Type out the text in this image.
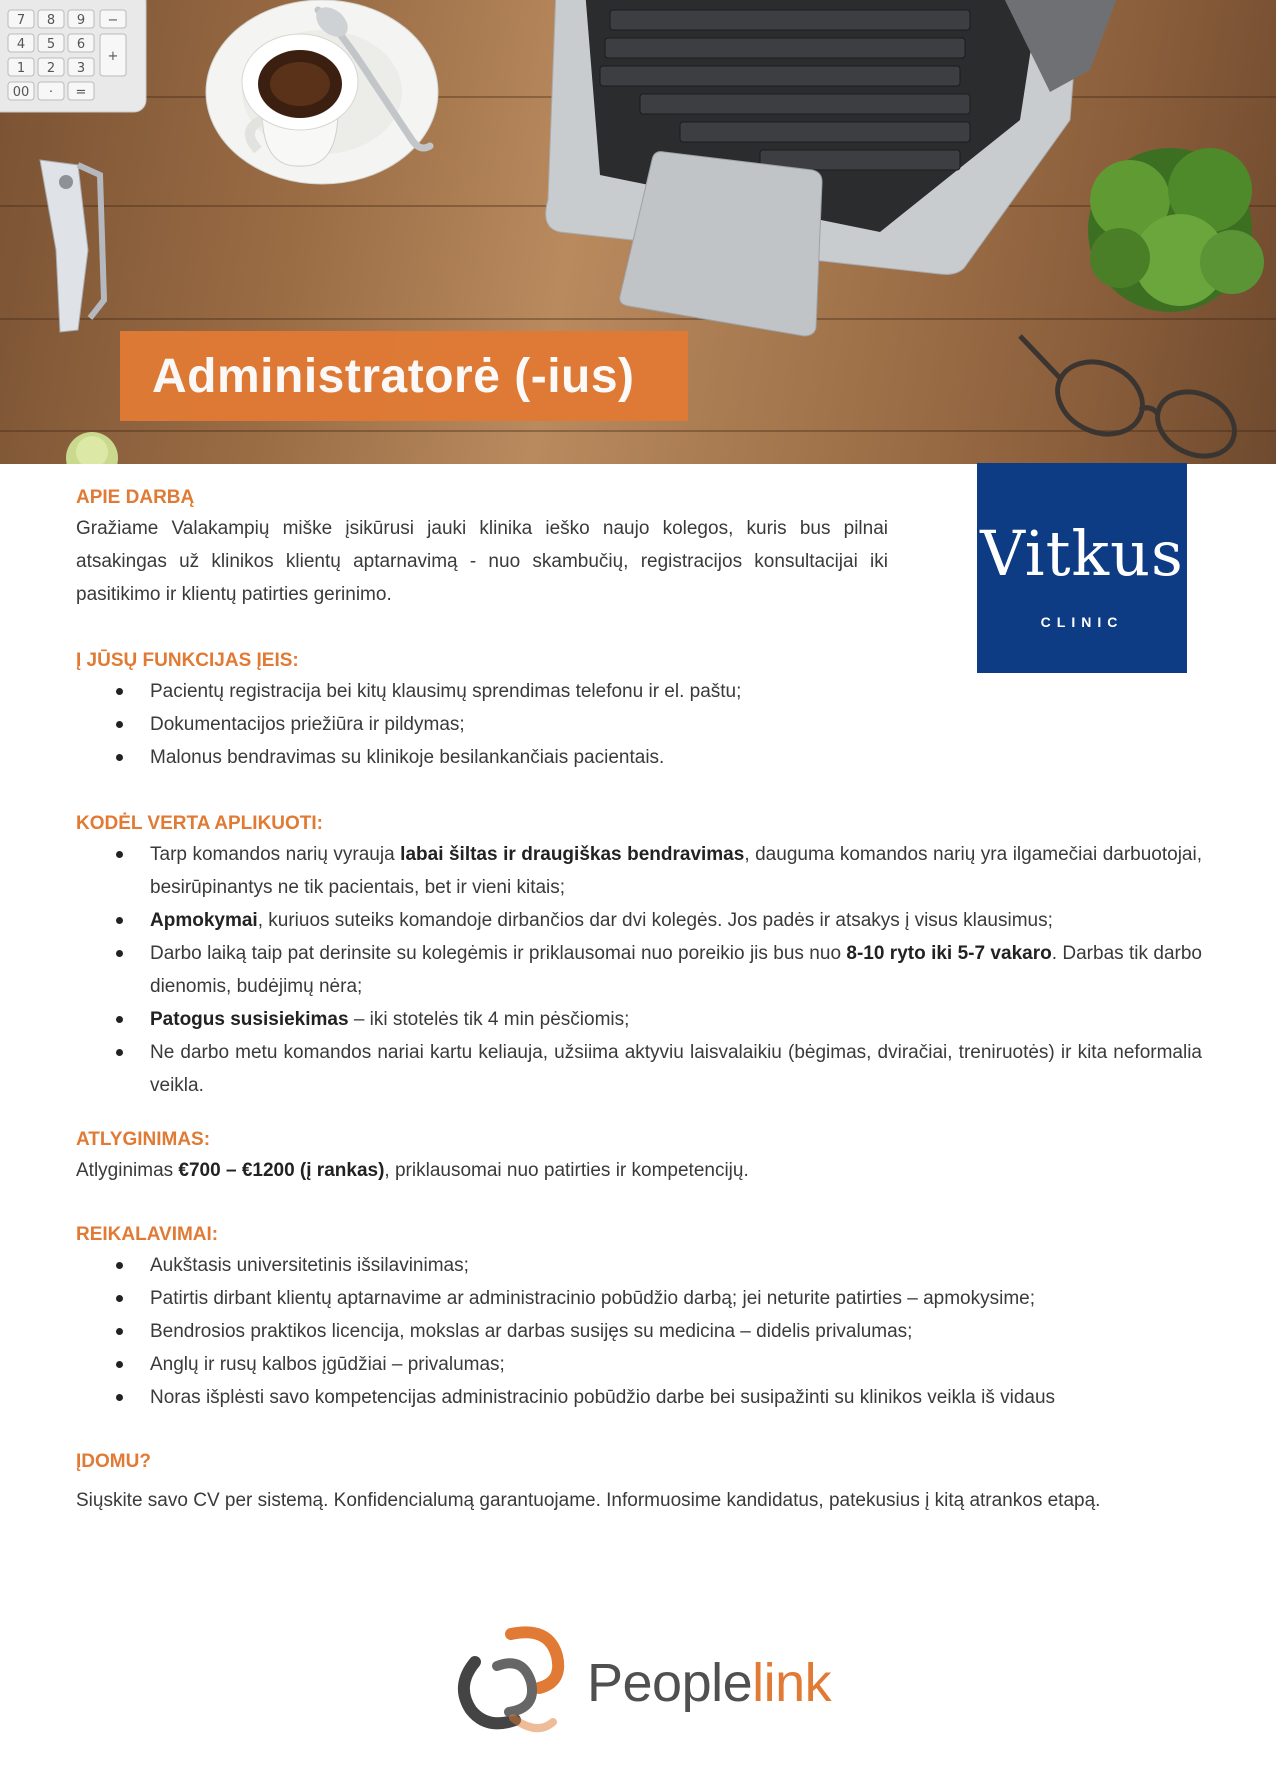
7 8 9
4 5 6
1 2 3
00 · =
+
−
Administratorė (-ius)
Vitkus
CLINIC
APIE DARBĄ

Gražiame Valakampių miške įsikūrusi jauki klinika ieško naujo kolegos, kuris bus pilnai atsakingas už klinikos klientų aptarnavimą - nuo skambučių, registracijos konsultacijai iki pasitikimo ir klientų patirties gerinimo.

Į JŪSŲ FUNKCIJAS ĮEIS:
Pacientų registracija bei kitų klausimų sprendimas telefonu ir el. paštu;
Dokumentacijos priežiūra ir pildymas;
Malonus bendravimas su klinikoje besilankančiais pacientais.
KODĖL VERTA APLIKUOTI:
Tarp komandos narių vyrauja labai šiltas ir draugiškas bendravimas, dauguma komandos narių yra ilgamečiai darbuotojai, besirūpinantys ne tik pacientais, bet ir vieni kitais;
Apmokymai, kuriuos suteiks komandoje dirbančios dar dvi kolegės. Jos padės ir atsakys į visus klausimus;
Darbo laiką taip pat derinsite su kolegėmis ir priklausomai nuo poreikio jis bus nuo 8-10 ryto iki 5-7 vakaro. Darbas tik darbo dienomis, budėjimų nėra;
Patogus susisiekimas – iki stotelės tik 4 min pėsčiomis;
Ne darbo metu komandos nariai kartu keliauja, užsiima aktyviu laisvalaikiu (bėgimas, dviračiai, treniruotės) ir kita neformalia veikla.
ATLYGINIMAS:

Atlyginimas €700 – €1200 (į rankas), priklausomai nuo patirties ir kompetencijų.

REIKALAVIMAI:
Aukštasis universitetinis išsilavinimas;
Patirtis dirbant klientų aptarnavime ar administracinio pobūdžio darbą; jei neturite patirties – apmokysime;
Bendrosios praktikos licencija, mokslas ar darbas susijęs su medicina – didelis privalumas;
Anglų ir rusų kalbos įgūdžiai – privalumas;
Noras išplėsti savo kompetencijas administracinio pobūdžio darbe bei susipažinti su klinikos veikla iš vidaus
ĮDOMU?

Siųskite savo CV per sistemą. Konfidencialumą garantuojame. Informuosime kandidatus, patekusius į kitą atrankos etapą.

Peoplelink
